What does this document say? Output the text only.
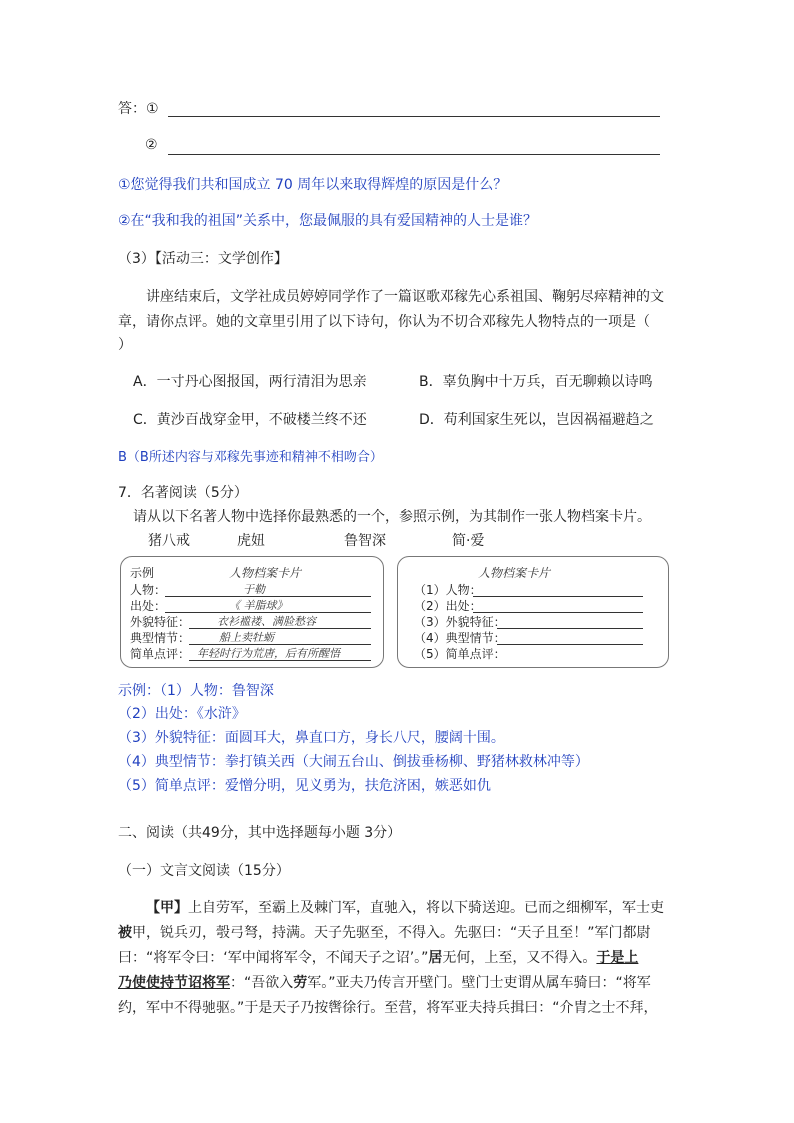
答：①
②
①您觉得我们共和国成立 70 周年以来取得辉煌的原因是什么？
②在“我和我的祖国”关系中，您最佩服的具有爱国精神的人士是谁？
（3）【活动三：文学创作】
讲座结束后，文学社成员婷婷同学作了一篇讴歌邓稼先心系祖国、鞠躬尽瘁精神的文
章，请你点评。她的文章里引用了以下诗句，你认为不切合邓稼先人物特点的一项是（
）
A．一寸丹心图报国，两行清泪为思亲	B．辜负胸中十万兵，百无聊赖以诗鸣
C．黄沙百战穿金甲，不破楼兰终不还	D．苟利国家生死以，岂因祸福避趋之
B（B所述内容与邓稼先事迹和精神不相吻合）
7．名著阅读（5分）
请从以下名著人物中选择你最熟悉的一个，参照示例，为其制作一张人物档案卡片。
猪八戒	虎妞	鲁智深	简·爱
示例	人物档案卡片
人物：	于勒
出处：	《 羊脂球》
外貌特征： 衣衫褴褛、满脸愁容
典型情节：	船上卖牡蛎
简单点评： 年轻时行为荒唐，后有所醒悟
人物档案卡片
（1）人物：
（2）出处：
（3）外貌特征：
（4）典型情节：
（5）简单点评：
示例：（1）人物：鲁智深
（2）出处：《水浒》
（3）外貌特征：面圆耳大，鼻直口方，身长八尺，腰阔十围。
（4）典型情节：拳打镇关西（大闹五台山、倒拔垂杨柳、野猪林救林冲等）
（5）简单点评：爱憎分明，见义勇为，扶危济困，嫉恶如仇
二、阅读（共49分，其中选择题每小题 3分）
（一）文言文阅读（15分）
【甲】上自劳军，至霸上及棘门军，直驰入，将以下骑送迎。已而之细柳军，军士吏
被甲，锐兵刃，彀弓弩，持满。天子先驱至，不得入。先驱曰：“天子且至！”军门都尉
曰：“将军令曰：‘军中闻将军令，不闻天子之诏’。”居无何，上至，又不得入。于是上
乃使使持节诏将军：“吾欲入劳军。”亚夫乃传言开壁门。壁门士吏谓从属车骑曰：“将军
约，军中不得驰驱。”于是天子乃按辔徐行。至营，将军亚夫持兵揖曰：“介胄之士不拜，
